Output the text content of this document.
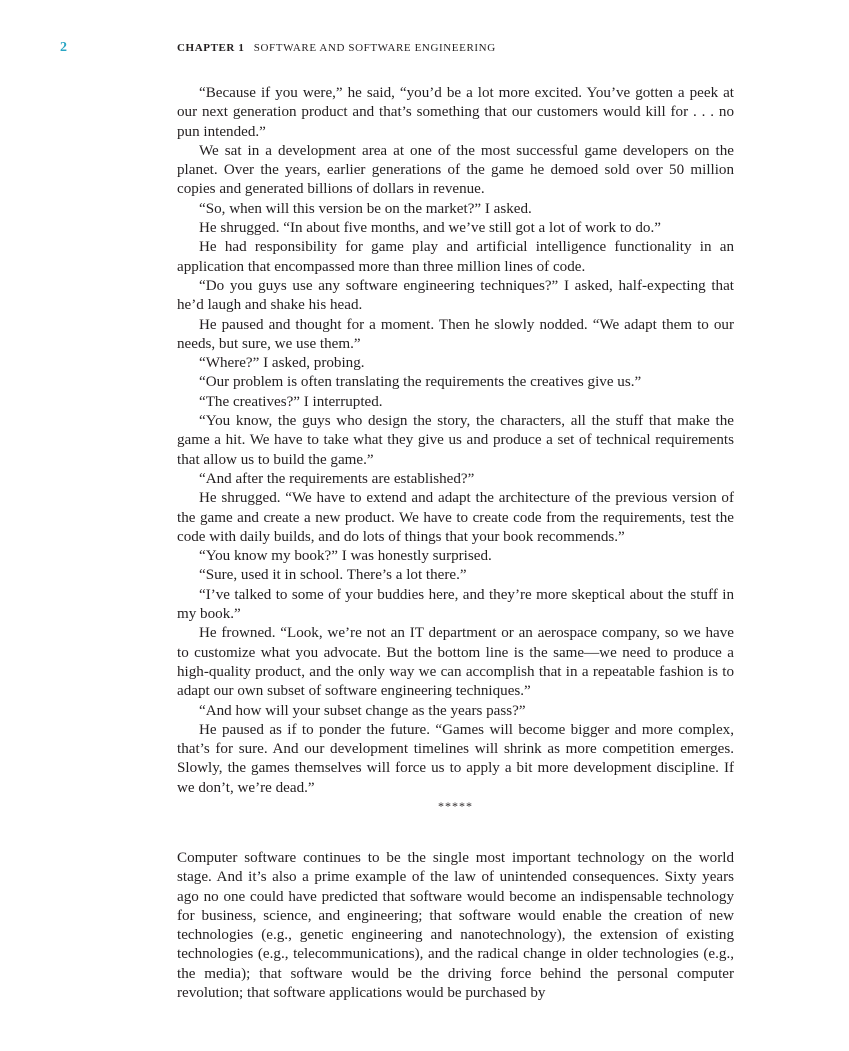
2	CHAPTER 1 SOFTWARE AND SOFTWARE ENGINEERING

“Because if you were,” he said, “you’d be a lot more excited. You’ve gotten a peek at our next generation product and that’s something that our customers would kill for . . . no pun intended.”

We sat in a development area at one of the most successful game developers on the planet. Over the years, earlier generations of the game he demoed sold over 50 million copies and generated billions of dollars in revenue.

“So, when will this version be on the market?” I asked.

He shrugged. “In about five months, and we’ve still got a lot of work to do.”

He had responsibility for game play and artificial intelligence functionality in an application that encompassed more than three million lines of code.

“Do you guys use any software engineering techniques?” I asked, half-expecting that he’d laugh and shake his head.

He paused and thought for a moment. Then he slowly nodded. “We adapt them to our needs, but sure, we use them.”

“Where?” I asked, probing.

“Our problem is often translating the requirements the creatives give us.”

“The creatives?” I interrupted.

“You know, the guys who design the story, the characters, all the stuff that make the game a hit. We have to take what they give us and produce a set of technical requirements that allow us to build the game.”

“And after the requirements are established?”

He shrugged. “We have to extend and adapt the architecture of the previous version of the game and create a new product. We have to create code from the requirements, test the code with daily builds, and do lots of things that your book recommends.”

“You know my book?” I was honestly surprised.

“Sure, used it in school. There’s a lot there.”

“I’ve talked to some of your buddies here, and they’re more skeptical about the stuff in my book.”

He frowned. “Look, we’re not an IT department or an aerospace company, so we have to customize what you advocate. But the bottom line is the same—we need to produce a high-quality product, and the only way we can accomplish that in a repeatable fashion is to adapt our own subset of software engineering techniques.”

“And how will your subset change as the years pass?”

He paused as if to ponder the future. “Games will become bigger and more complex, that’s for sure. And our development timelines will shrink as more competition emerges. Slowly, the games themselves will force us to apply a bit more development discipline. If we don’t, we’re dead.”

*****

Computer software continues to be the single most important technology on the world stage. And it’s also a prime example of the law of unintended consequences. Sixty years ago no one could have predicted that software would become an indispensable technology for business, science, and engineering; that software would enable the creation of new technologies (e.g., genetic engineering and nanotechnology), the extension of existing technologies (e.g., telecommunications), and the radical change in older technologies (e.g., the media); that software would be the driving force behind the personal computer revolution; that software applications would be purchased by
